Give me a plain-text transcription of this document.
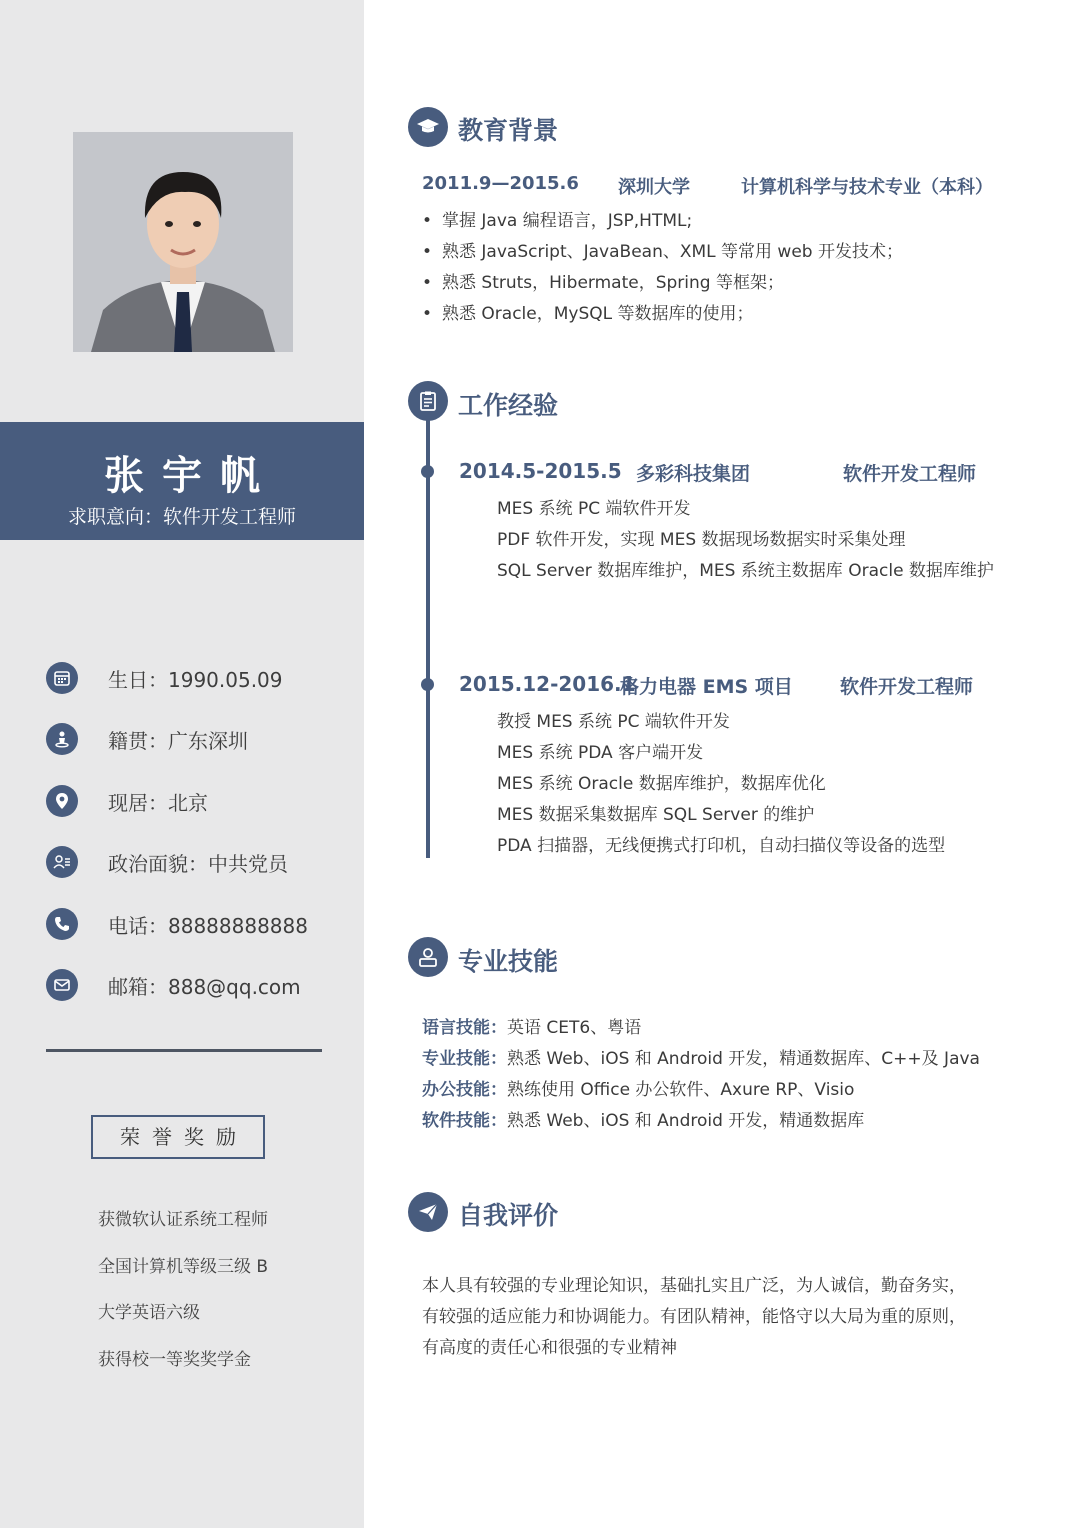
张宇帆
求职意向：软件开发工程师
生日：1990.05.09
籍贯：广东深圳
现居：北京
政治面貌：中共党员
电话：88888888888
邮箱：888@qq.com
荣誉奖励
获微软认证系统工程师
全国计算机等级三级 B
大学英语六级
获得校一等奖奖学金
教育背景
2011.9—2015.6 深圳大学	计算机科学与技术专业（本科）
• 掌握 Java 编程语言，JSP,HTML;
• 熟悉 JavaScript、JavaBean、XML 等常用 web 开发技术；
• 熟悉 Struts，Hibermate，Spring 等框架；
• 熟悉 Oracle，MySQL 等数据库的使用；
工作经验
2014.5-2015.5 多彩科技集团	软件开发工程师
MES 系统 PC 端软件开发
PDF 软件开发，实现 MES 数据现场数据实时采集处理
SQL Server 数据库维护，MES 系统主数据库 Oracle 数据库维护
2015.12-2016.1
格力电器 EMS 项目 软件开发工程师
教授 MES 系统 PC 端软件开发
MES 系统 PDA 客户端开发
MES 系统 Oracle 数据库维护，数据库优化
MES 数据采集数据库 SQL Server 的维护
PDA 扫描器，无线便携式打印机，自动扫描仪等设备的选型
专业技能
语言技能：英语 CET6、粤语
专业技能：熟悉 Web、iOS 和 Android 开发，精通数据库、C++及 Java
办公技能：熟练使用 Office 办公软件、Axure RP、Visio
软件技能：熟悉 Web、iOS 和 Android 开发，精通数据库
自我评价
本人具有较强的专业理论知识，基础扎实且广泛，为人诚信，勤奋务实，
有较强的适应能力和协调能力。有团队精神，能恪守以大局为重的原则，
有高度的责任心和很强的专业精神
